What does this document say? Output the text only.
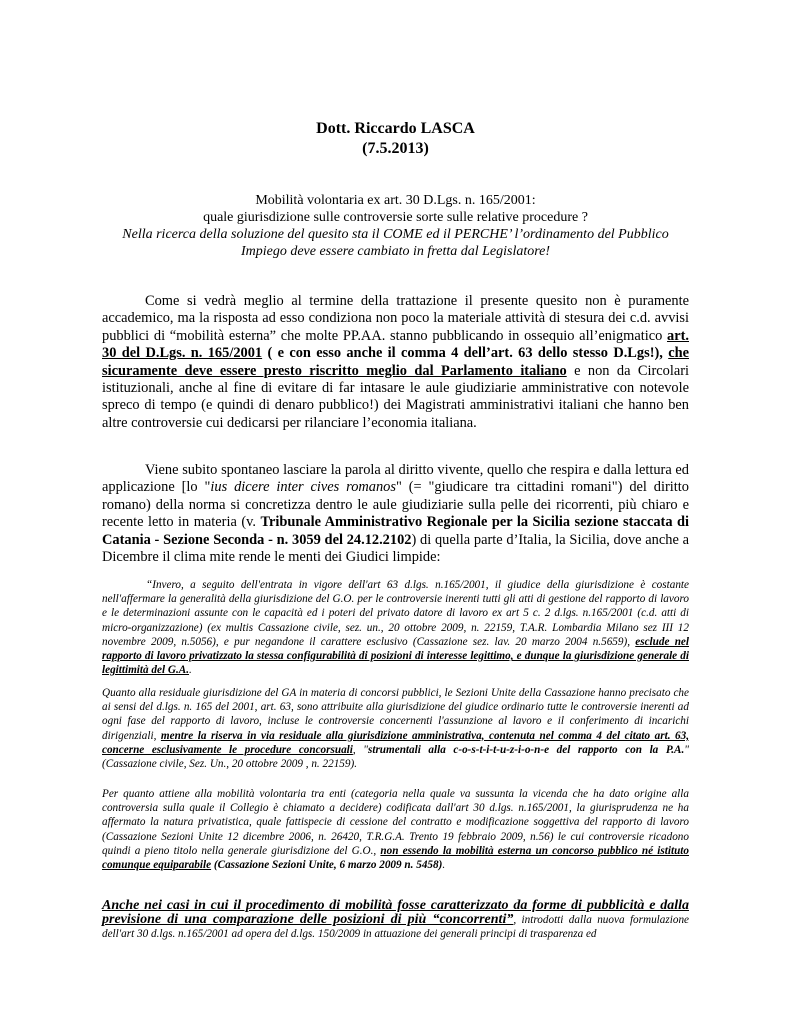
Dott. Riccardo LASCA
(7.5.2013)
Mobilità volontaria ex art. 30 D.Lgs. n. 165/2001:
quale giurisdizione sulle controversie sorte sulle relative procedure ?
Nella ricerca della soluzione del quesito sta il COME ed il PERCHE’ l’ordinamento del Pubblico Impiego deve essere cambiato in fretta dal Legislatore!

Come si vedrà meglio al termine della trattazione il presente quesito non è puramente accademico, ma la risposta ad esso condiziona non poco la materiale attività di stesura dei c.d. avvisi pubblici di “mobilità esterna” che molte PP.AA. stanno pubblicando in ossequio all’enigmatico art. 30 del D.Lgs. n. 165/2001 ( e con esso anche il comma 4 dell’art. 63 dello stesso D.Lgs!), che sicuramente deve essere presto riscritto meglio dal Parlamento italiano e non da Circolari istituzionali, anche al fine di evitare di far intasare le aule giudiziarie amministrative con notevole spreco di tempo (e quindi di denaro pubblico!) dei Magistrati amministrativi italiani che hanno ben altre controversie cui dedicarsi per rilanciare l’economia italiana.

Viene subito spontaneo lasciare la parola al diritto vivente, quello che respira e dalla lettura ed applicazione [lo "ius dicere inter cives romanos" (= "giudicare tra cittadini romani") del diritto romano) della norma si concretizza dentro le aule giudiziarie sulla pelle dei ricorrenti, più chiaro e recente letto in materia (v. Tribunale Amministrativo Regionale per la Sicilia sezione staccata di Catania - Sezione Seconda - n. 3059 del 24.12.2102) di quella parte d’Italia, la Sicilia, dove anche a Dicembre il clima mite rende le menti dei Giudici limpide:

“Invero, a seguito dell'entrata in vigore dell'art 63 d.lgs. n.165/2001, il giudice della giurisdizione è costante nell'affermare la generalità della giurisdizione del G.O. per le controversie inerenti tutti gli atti di gestione del rapporto di lavoro e le determinazioni assunte con le capacità ed i poteri del privato datore di lavoro ex art 5 c. 2 d.lgs. n.165/2001 (c.d. atti di micro-organizzazione) (ex multis Cassazione civile, sez. un., 20 ottobre 2009, n. 22159, T.A.R. Lombardia Milano sez III 12 novembre 2009, n.5056), e pur negandone il carattere esclusivo (Cassazione sez. lav. 20 marzo 2004 n.5659), esclude nel rapporto di lavoro privatizzato la stessa configurabilità di posizioni di interesse legittimo, e dunque la giurisdizione generale di legittimità del G.A..

Quanto alla residuale giurisdizione del GA in materia di concorsi pubblici, le Sezioni Unite della Cassazione hanno precisato che ai sensi del d.lgs. n. 165 del 2001, art. 63, sono attribuite alla giurisdizione del giudice ordinario tutte le controversie inerenti ad ogni fase del rapporto di lavoro, incluse le controversie concernenti l'assunzione al lavoro e il conferimento di incarichi dirigenziali, mentre la riserva in via residuale alla giurisdizione amministrativa, contenuta nel comma 4 del citato art. 63, concerne esclusivamente le procedure concorsuali, "strumentali alla c-o-s-t-i-t-u-z-i-o-n-e del rapporto con la P.A." (Cassazione civile, Sez. Un., 20 ottobre 2009 , n. 22159).

Per quanto attiene alla mobilità volontaria tra enti (categoria nella quale va sussunta la vicenda che ha dato origine alla controversia sulla quale il Collegio è chiamato a decidere) codificata dall'art 30 d.lgs. n.165/2001, la giurisprudenza ne ha affermato la natura privatistica, quale fattispecie di cessione del contratto e modificazione soggettiva del rapporto di lavoro (Cassazione Sezioni Unite 12 dicembre 2006, n. 26420, T.R.G.A. Trento 19 febbraio 2009, n.56) le cui controversie ricadono quindi a pieno titolo nella generale giurisdizione del G.O., non essendo la mobilità esterna un concorso pubblico né istituto comunque equiparabile (Cassazione Sezioni Unite, 6 marzo 2009 n. 5458).

Anche nei casi in cui il procedimento di mobilità fosse caratterizzato da forme di pubblicità e dalla previsione di una comparazione delle posizioni di più “concorrenti”, introdotti dalla nuova formulazione dell'art 30 d.lgs. n.165/2001 ad opera del d.lgs. 150/2009 in attuazione dei generali principi di trasparenza ed
